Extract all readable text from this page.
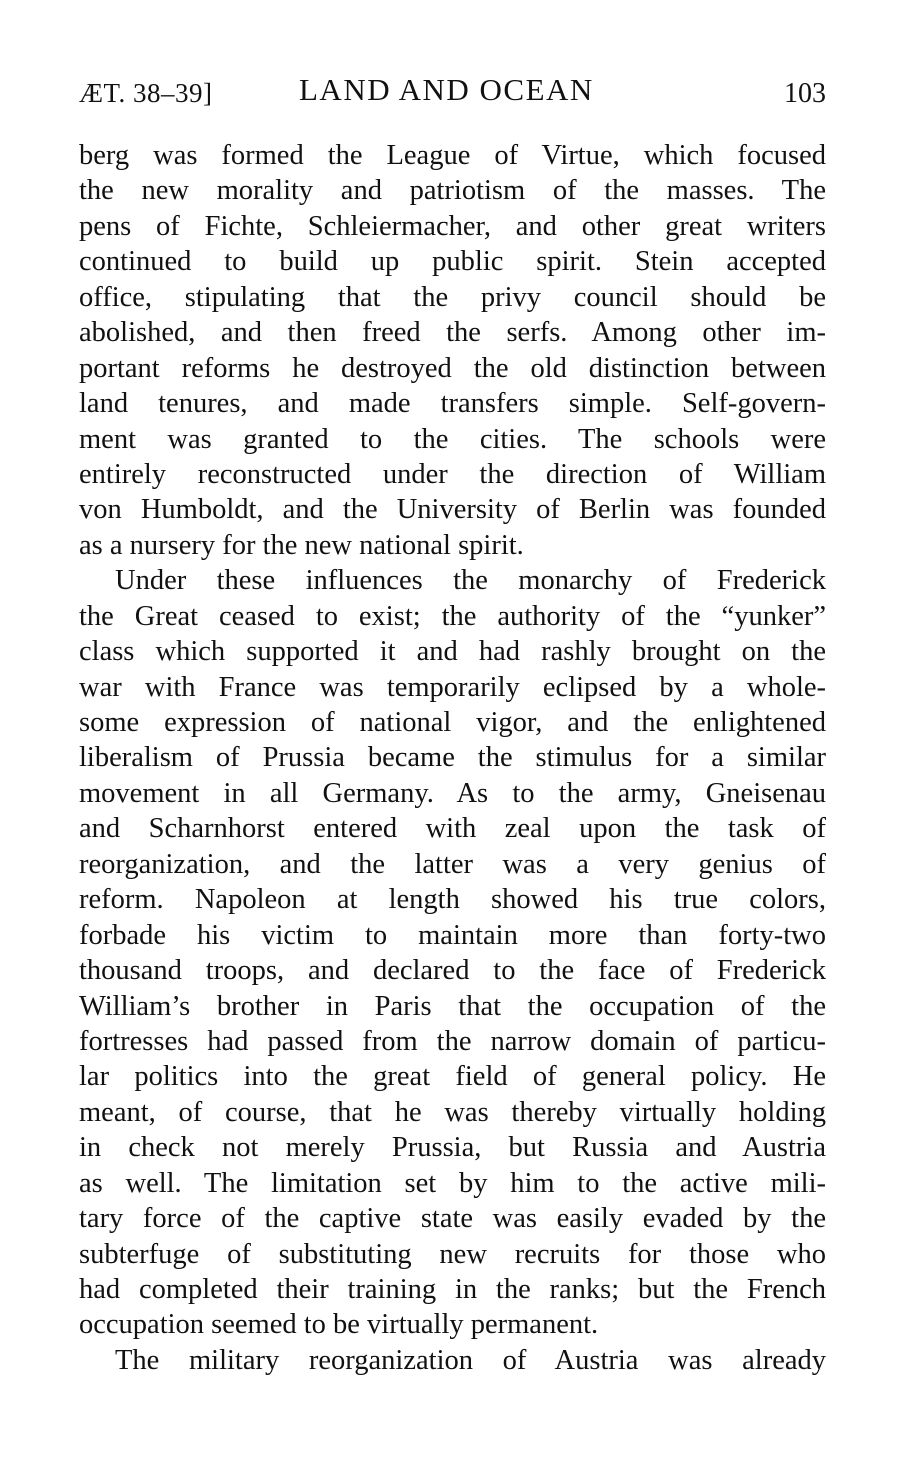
ÆT. 38–39]	LAND AND OCEAN	103
berg was formed the League of Virtue, which focused
the new morality and patriotism of the masses. The
pens of Fichte, Schleiermacher, and other great writers
continued to build up public spirit. Stein accepted
office, stipulating that the privy council should be
abolished, and then freed the serfs. Among other im-
portant reforms he destroyed the old distinction between
land tenures, and made transfers simple. Self-govern-
ment was granted to the cities. The schools were
entirely reconstructed under the direction of William
von Humboldt, and the University of Berlin was founded
as a nursery for the new national spirit.
Under these influences the monarchy of Frederick
the Great ceased to exist; the authority of the “yunker”
class which supported it and had rashly brought on the
war with France was temporarily eclipsed by a whole-
some expression of national vigor, and the enlightened
liberalism of Prussia became the stimulus for a similar
movement in all Germany. As to the army, Gneisenau
and Scharnhorst entered with zeal upon the task of
reorganization, and the latter was a very genius of
reform. Napoleon at length showed his true colors,
forbade his victim to maintain more than forty-two
thousand troops, and declared to the face of Frederick
William’s brother in Paris that the occupation of the
fortresses had passed from the narrow domain of particu-
lar politics into the great field of general policy. He
meant, of course, that he was thereby virtually holding
in check not merely Prussia, but Russia and Austria
as well. The limitation set by him to the active mili-
tary force of the captive state was easily evaded by the
subterfuge of substituting new recruits for those who
had completed their training in the ranks; but the French
occupation seemed to be virtually permanent.
The military reorganization of Austria was already
